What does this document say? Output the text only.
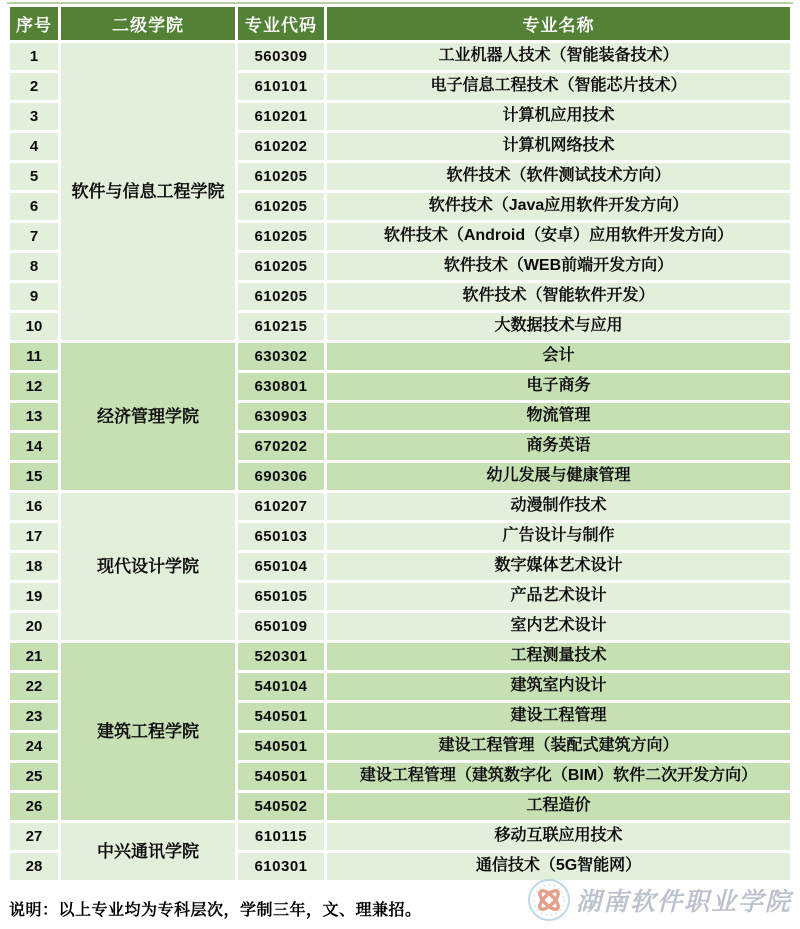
序号	二级学院	专业代码	专业名称
1	软件与信息工程学院	560309	工业机器人技术（智能装备技术）
2		610101	电子信息工程技术（智能芯片技术）
3		610201	计算机应用技术
4		610202	计算机网络技术
5		610205	软件技术（软件测试技术方向）
6		610205	软件技术（Java应用软件开发方向）
7		610205	软件技术（Android（安卓）应用软件开发方向）
8		610205	软件技术（WEB前端开发方向）
9		610205	软件技术（智能软件开发）
10		610215	大数据技术与应用
11	经济管理学院	630302	会计
12		630801	电子商务
13		630903	物流管理
14		670202	商务英语
15		690306	幼儿发展与健康管理
16	现代设计学院	610207	动漫制作技术
17		650103	广告设计与制作
18		650104	数字媒体艺术设计
19		650105	产品艺术设计
20		650109	室内艺术设计
21	建筑工程学院	520301	工程测量技术
22		540104	建筑室内设计
23		540501	建设工程管理
24		540501	建设工程管理（装配式建筑方向）
25		540501	建设工程管理（建筑数字化（BIM）软件二次开发方向）
26		540502	工程造价
27	中兴通讯学院	610115	移动互联应用技术
28		610301	通信技术（5G智能网）
说明：以上专业均为专科层次，学制三年，文、理兼招。	湖南软件职业学院
